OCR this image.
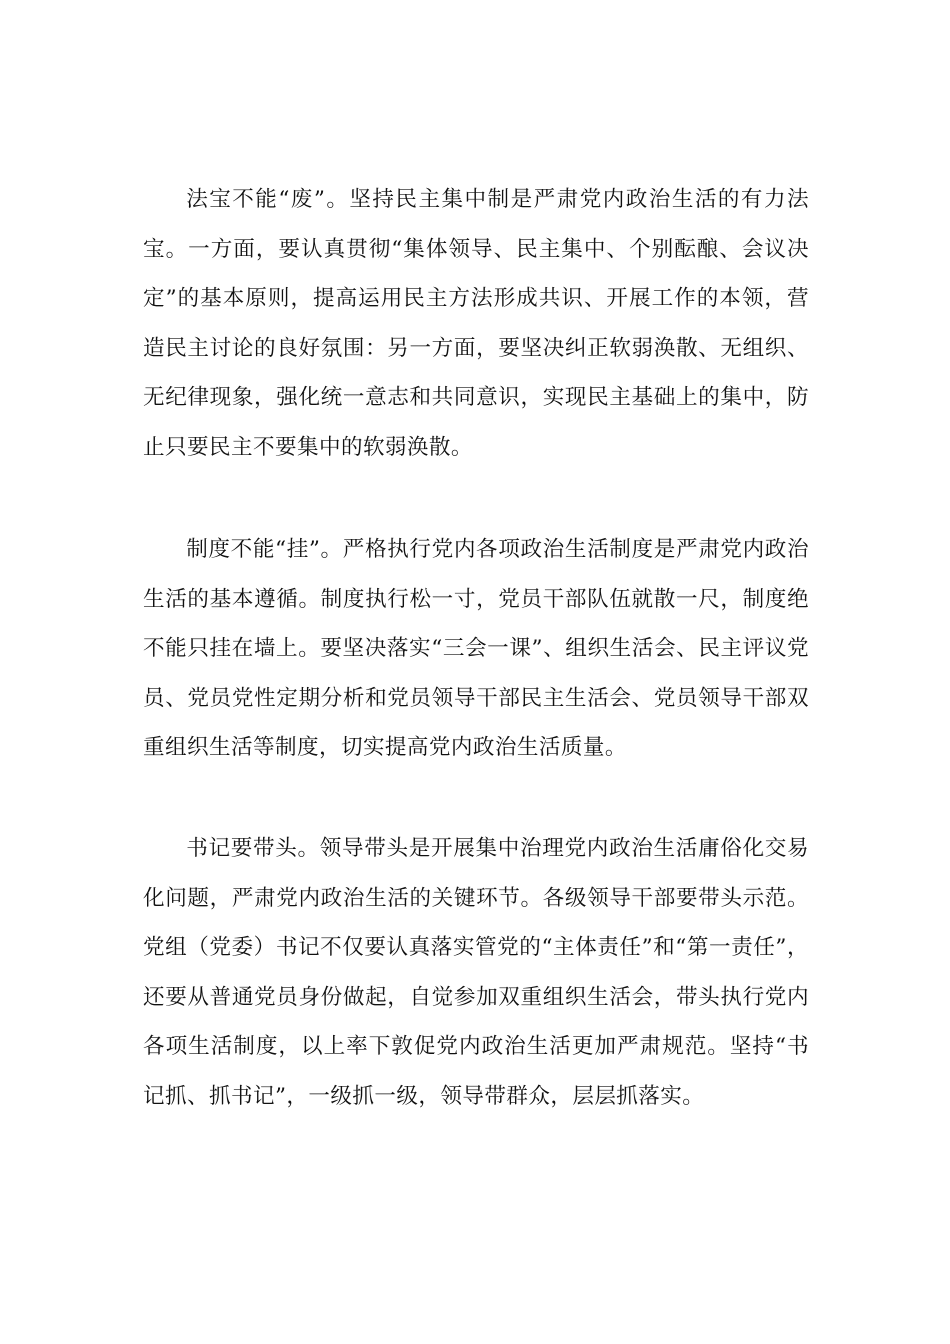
法宝不能“废”。坚持民主集中制是严肃党内政治生活的有力法宝。一方面，要认真贯彻“集体领导、民主集中、个别酝酿、会议决定”的基本原则，提高运用民主方法形成共识、开展工作的本领，营造民主讨论的良好氛围：另一方面，要坚决纠正软弱涣散、无组织、无纪律现象，强化统一意志和共同意识，实现民主基础上的集中，防止只要民主不要集中的软弱涣散。

制度不能“挂”。严格执行党内各项政治生活制度是严肃党内政治生活的基本遵循。制度执行松一寸，党员干部队伍就散一尺，制度绝不能只挂在墙上。要坚决落实“三会一课”、组织生活会、民主评议党员、党员党性定期分析和党员领导干部民主生活会、党员领导干部双重组织生活等制度，切实提高党内政治生活质量。

书记要带头。领导带头是开展集中治理党内政治生活庸俗化交易化问题，严肃党内政治生活的关键环节。各级领导干部要带头示范。党组（党委）书记不仅要认真落实管党的“主体责任”和“第一责任”，还要从普通党员身份做起，自觉参加双重组织生活会，带头执行党内各项生活制度，以上率下敦促党内政治生活更加严肃规范。坚持“书记抓、抓书记”，一级抓一级，领导带群众，层层抓落实。
